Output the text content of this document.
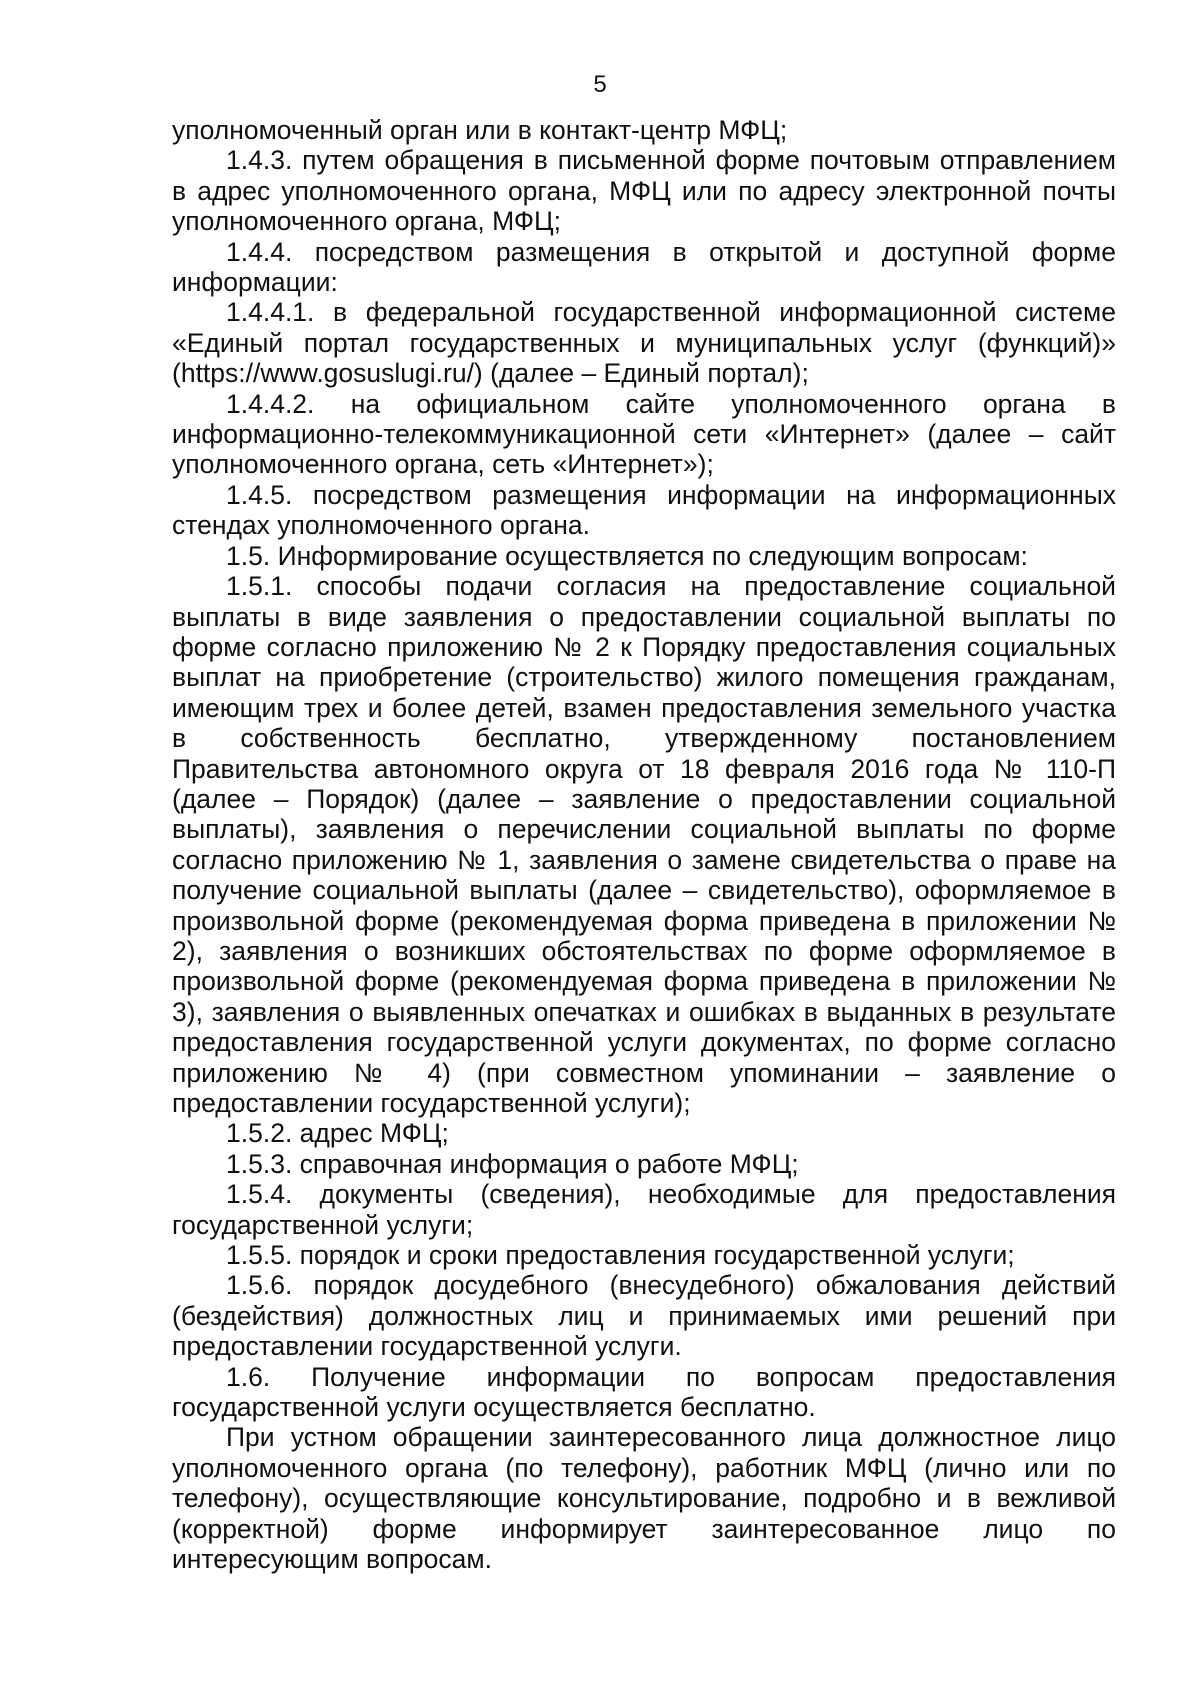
5

уполномоченный орган или в контакт-центр МФЦ;

1.4.3. путем обращения в письменной форме почтовым отправлением в адрес уполномоченного органа, МФЦ или по адресу электронной почты уполномоченного органа, МФЦ;

1.4.4. посредством размещения в открытой и доступной форме информации:

1.4.4.1. в федеральной государственной информационной системе «Единый портал государственных и муниципальных услуг (функций)» (https://www.gosuslugi.ru/) (далее – Единый портал);

1.4.4.2. на официальном сайте уполномоченного органа в информационно-телекоммуникационной сети «Интернет» (далее – сайт уполномоченного органа, сеть «Интернет»);

1.4.5. посредством размещения информации на информационных стендах уполномоченного органа.

1.5. Информирование осуществляется по следующим вопросам:

1.5.1. способы подачи согласия на предоставление социальной выплаты в виде заявления о предоставлении социальной выплаты по форме согласно приложению № 2 к Порядку предоставления социальных выплат на приобретение (строительство) жилого помещения гражданам, имеющим трех и более детей, взамен предоставления земельного участка в собственность бесплатно, утвержденному постановлением Правительства автономного округа от 18 февраля 2016 года № 110-П (далее – Порядок) (далее – заявление о предоставлении социальной выплаты), заявления о перечислении социальной выплаты по форме согласно приложению № 1, заявления о замене свидетельства о праве на получение социальной выплаты (далее – свидетельство), оформляемое в произвольной форме (рекомендуемая форма приведена в приложении № 2), заявления о возникших обстоятельствах по форме оформляемое в произвольной форме (рекомендуемая форма приведена в приложении № 3), заявления о выявленных опечатках и ошибках в выданных в результате предоставления государственной услуги документах, по форме согласно приложению № 4) (при совместном упоминании – заявление о предоставлении государственной услуги);

1.5.2. адрес МФЦ;

1.5.3. справочная информация о работе МФЦ;

1.5.4. документы (сведения), необходимые для предоставления государственной услуги;

1.5.5. порядок и сроки предоставления государственной услуги;

1.5.6. порядок досудебного (внесудебного) обжалования действий (бездействия) должностных лиц и принимаемых ими решений при предоставлении государственной услуги.

1.6. Получение информации по вопросам предоставления государственной услуги осуществляется бесплатно.

При устном обращении заинтересованного лица должностное лицо уполномоченного органа (по телефону), работник МФЦ (лично или по телефону), осуществляющие консультирование, подробно и в вежливой (корректной) форме информирует заинтересованное лицо по интересующим вопросам.
